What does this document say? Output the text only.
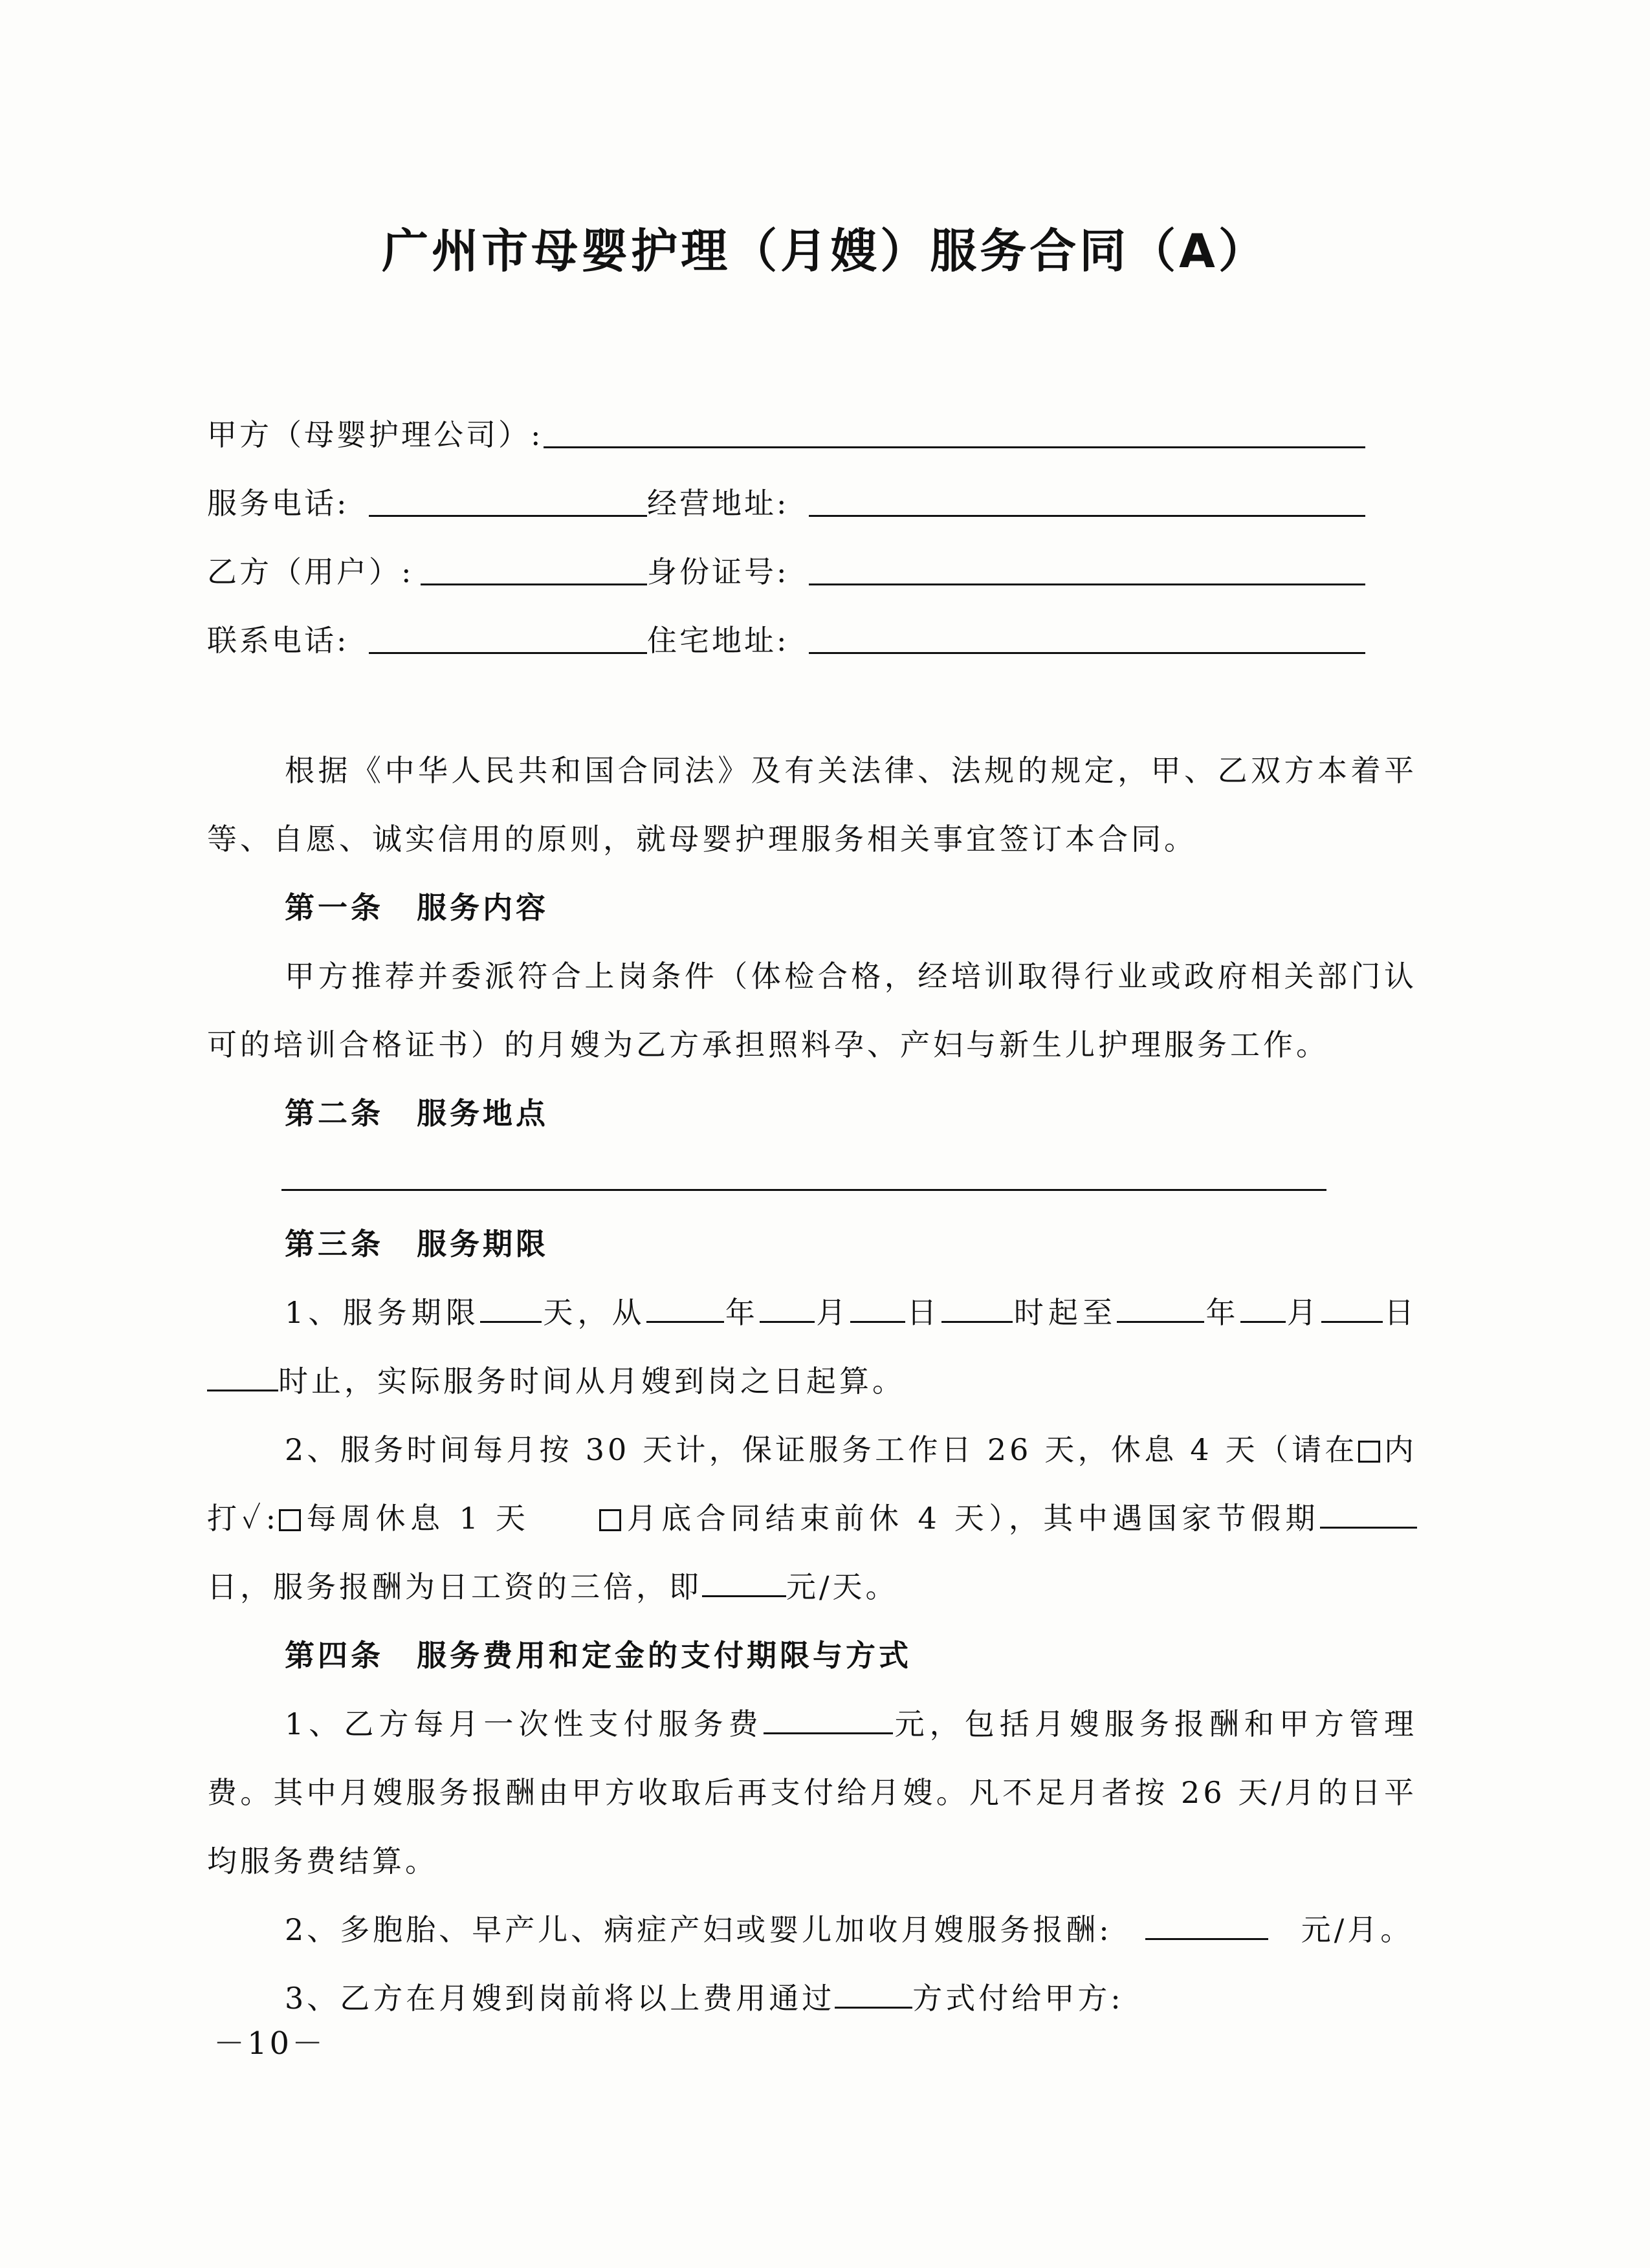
广州市母婴护理（月嫂）服务合同（A）
甲方（母婴护理公司）:
服务电话:	经营地址:
乙方（用户）:	身份证号:
联系电话:	住宅地址:

根据《中华人民共和国合同法》及有关法律、法规的规定，甲、乙双方本着平等、自愿、诚实信用的原则，就母婴护理服务相关事宜签订本合同。

第一条　服务内容

甲方推荐并委派符合上岗条件（体检合格，经培训取得行业或政府相关部门认可的培训合格证书）的月嫂为乙方承担照料孕、产妇与新生儿护理服务工作。

第二条　服务地点

第三条　服务期限

1、服务期限 天，从	年 月 日 时起至	年 月 日时止，实际服务时间从月嫂到岗之日起算。

2、服务时间每月按 30 天计，保证服务工作日 26 天，休息 4 天（请在 内打✓: 每周休息 1 天　　	月底合同结束前休 4 天），其中遇国家节假期日，服务报酬为日工资的三倍，即	元/天。

第四条　服务费用和定金的支付期限与方式

1、乙方每月一次性支付服务费	元，包括月嫂服务报酬和甲方管理费。其中月嫂服务报酬由甲方收取后再支付给月嫂。凡不足月者按 26 天/月的日平均服务费结算。

2、多胞胎、早产儿、病症产妇或婴儿加收月嫂服务报酬:　　	元/月。

3、乙方在月嫂到岗前将以上费用通过	方式付给甲方:

－10－
